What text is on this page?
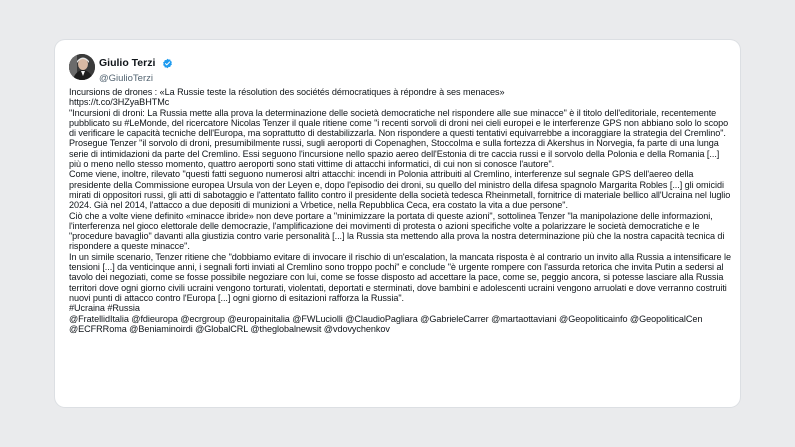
Giulio Terzi
@GiulioTerzi

Incursions de drones : «La Russie teste la résolution des sociétés démocratiques à répondre à ses menaces»

https://t.co/3HZyaBHTMc

"Incursioni di droni: La Russia mette alla prova la determinazione delle società democratiche nel rispondere alle sue minacce" è il titolo dell'editoriale, recentemente pubblicato su #LeMonde, del ricercatore Nicolas Tenzer il quale ritiene come "i recenti sorvoli di droni nei cieli europei e le interferenze GPS non abbiano solo lo scopo di verificare le capacità tecniche dell'Europa, ma soprattutto di destabilizzarla. Non rispondere a questi tentativi equivarrebbe a incoraggiare la strategia del Cremlino".

Prosegue Tenzer "il sorvolo di droni, presumibilmente russi, sugli aeroporti di Copenaghen, Stoccolma e sulla fortezza di Akershus in Norvegia, fa parte di una lunga serie di intimidazioni da parte del Cremlino. Essi seguono l'incursione nello spazio aereo dell'Estonia di tre caccia russi e il sorvolo della Polonia e della Romania [...] più o meno nello stesso momento, quattro aeroporti sono stati vittime di attacchi informatici, di cui non si conosce l'autore".

Come viene, inoltre, rilevato "questi fatti seguono numerosi altri attacchi: incendi in Polonia attribuiti al Cremlino, interferenze sul segnale GPS dell'aereo della presidente della Commissione europea Ursula von der Leyen e, dopo l'episodio dei droni, su quello del ministro della difesa spagnolo Margarita Robles [...] gli omicidi mirati di oppositori russi, gli atti di sabotaggio e l'attentato fallito contro il presidente della società tedesca Rheinmetall, fornitrice di materiale bellico all'Ucraina nel luglio 2024. Già nel 2014, l'attacco a due depositi di munizioni a Vrbetice, nella Repubblica Ceca, era costato la vita a due persone".

Ciò che a volte viene definito «minacce ibride» non deve portare a "minimizzare la portata di queste azioni", sottolinea Tenzer "la manipolazione delle informazioni, l'interferenza nel gioco elettorale delle democrazie, l'amplificazione dei movimenti di protesta o azioni specifiche volte a polarizzare le società democratiche e le "procedure bavaglio" davanti alla giustizia contro varie personalità [...] la Russia sta mettendo alla prova la nostra determinazione più che la nostra capacità tecnica di rispondere a queste minacce".

In un simile scenario, Tenzer ritiene che "dobbiamo evitare di invocare il rischio di un'escalation, la mancata risposta è al contrario un invito alla Russia a intensificare le tensioni [...] da venticinque anni, i segnali forti inviati al Cremlino sono troppo pochi" e conclude "è urgente rompere con l'assurda retorica che invita Putin a sedersi al tavolo dei negoziati, come se fosse possibile negoziare con lui, come se fosse disposto ad accettare la pace, come se, peggio ancora, si potesse lasciare alla Russia territori dove ogni giorno civili ucraini vengono torturati, violentati, deportati e sterminati, dove bambini e adolescenti ucraini vengono arruolati e dove verranno costruiti nuovi punti di attacco contro l'Europa [...] ogni giorno di esitazioni rafforza la Russia".

#Ucraina #Russia

@FratellidItalia @fdieuropa @ecrgroup @europainitalia @FWLuciolli @ClaudioPagliara @GabrieleCarrer @martaottaviani @Geopoliticainfo @GeopoliticalCen @ECFRRoma @Beniaminoirdi @GlobalCRL @theglobalnewsit @vdovychenkov
